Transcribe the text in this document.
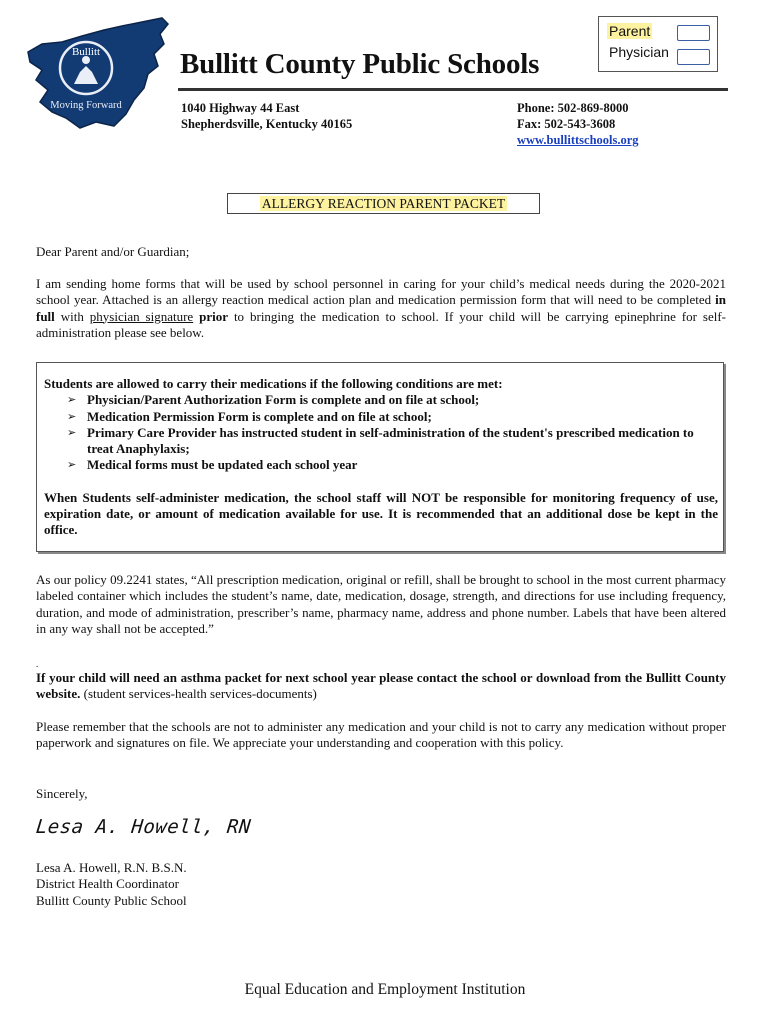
Bullitt
Moving Forward
Bullitt County Public Schools
1040 Highway 44 East
Shepherdsville, Kentucky 40165
Phone: 502-869-8000
Fax: 502-543-3608
www.bullittschools.org
Parent
Physician
ALLERGY REACTION PARENT PACKET
Dear Parent and/or Guardian;
I am sending home forms that will be used by school personnel in caring for your child’s medical needs during the 2020-2021 school year. Attached is an allergy reaction medical action plan and medication permission form that will need to be completed in full with physician signature prior to bringing the medication to school. If your child will be carrying epinephrine for self-administration please see below.
Students are allowed to carry their medications if the following conditions are met:
➢ Physician/Parent Authorization Form is complete and on file at school;
➢ Medication Permission Form is complete and on file at school;
➢ Primary Care Provider has instructed student in self-administration of the student's prescribed medication to treat Anaphylaxis;
➢ Medical forms must be updated each school year
When Students self-administer medication, the school staff will NOT be responsible for monitoring frequency of use, expiration date, or amount of medication available for use. It is recommended that an additional dose be kept in the office.
As our policy 09.2241 states, “All prescription medication, original or refill, shall be brought to school in the most current pharmacy labeled container which includes the student’s name, date, medication, dosage, strength, and directions for use including frequency, duration, and mode of administration, prescriber’s name, pharmacy name, address and phone number. Labels that have been altered in any way shall not be accepted.”
.
If your child will need an asthma packet for next school year please contact the school or download from the Bullitt County website. (student services-health services-documents)
Please remember that the schools are not to administer any medication and your child is not to carry any medication without proper paperwork and signatures on file. We appreciate your understanding and cooperation with this policy.
Sincerely,
Lesa A. Howell, RN
Lesa A. Howell, R.N. B.S.N.
District Health Coordinator
Bullitt County Public School
Equal Education and Employment Institution
